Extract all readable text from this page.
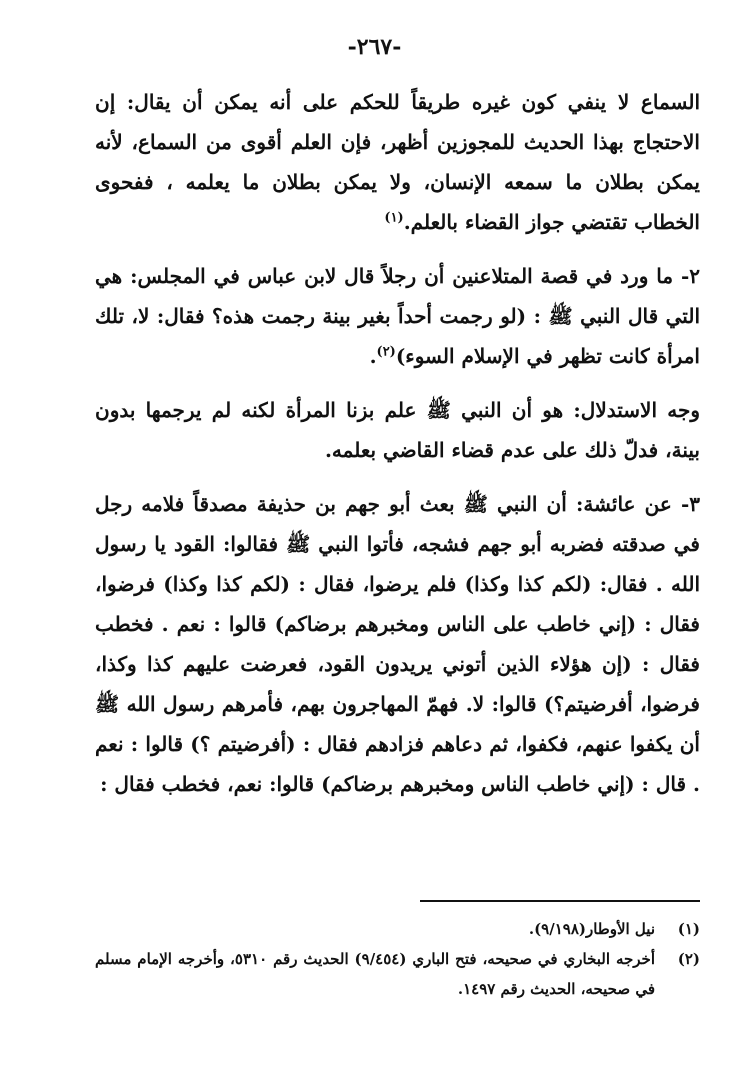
-٢٦٧-

السماع لا ينفي كون غيره طريقاً للحكم على أنه يمكن أن يقال: إن الاحتجاج بهذا الحديث للمجوزين أظهر، فإن العلم أقوى من السماع، لأنه يمكن بطلان ما سمعه الإنسان، ولا يمكن بطلان ما يعلمه ، ففحوى الخطاب تقتضي جواز القضاء بالعلم.$^{(١)}$

٢- ما ورد في قصة المتلاعنين أن رجلاً قال لابن عباس في المجلس: هي التي قال النبي ﷺ : (لو رجمت أحداً بغير بينة رجمت هذه؟ فقال: لا، تلك امرأة كانت تظهر في الإسلام السوء)$^{(٢)}$.

وجه الاستدلال: هو أن النبي ﷺ علم بزنا المرأة لكنه لم يرجمها بدون بينة، فدلّ ذلك على عدم قضاء القاضي بعلمه.

٣- عن عائشة: أن النبي ﷺ بعث أبو جهم بن حذيفة مصدقاً فلامه رجل في صدقته فضربه أبو جهم فشجه، فأتوا النبي ﷺ فقالوا: القود يا رسول الله . فقال: (لكم كذا وكذا) فلم يرضوا، فقال : (لكم كذا وكذا) فرضوا، فقال : (إني خاطب على الناس ومخبرهم برضاكم) قالوا : نعم . فخطب فقال : (إن هؤلاء الذين أتوني يريدون القود، فعرضت عليهم كذا وكذا، فرضوا، أفرضيتم؟) قالوا: لا. فهمّ المهاجرون بهم، فأمرهم رسول الله ﷺ أن يكفوا عنهم، فكفوا، ثم دعاهم فزادهم فقال : (أفرضيتم ؟) قالوا : نعم . قال : (إني خاطب الناس ومخبرهم برضاكم) قالوا: نعم، فخطب فقال :

(١)
نيل الأوطار(٩/١٩٨).
(٢)
أخرجه البخاري في صحيحه، فتح الباري (٩/٤٥٤) الحديث رقم ٥٣١٠، وأخرجه الإمام مسلم في صحيحه، الحديث رقم ١٤٩٧.
